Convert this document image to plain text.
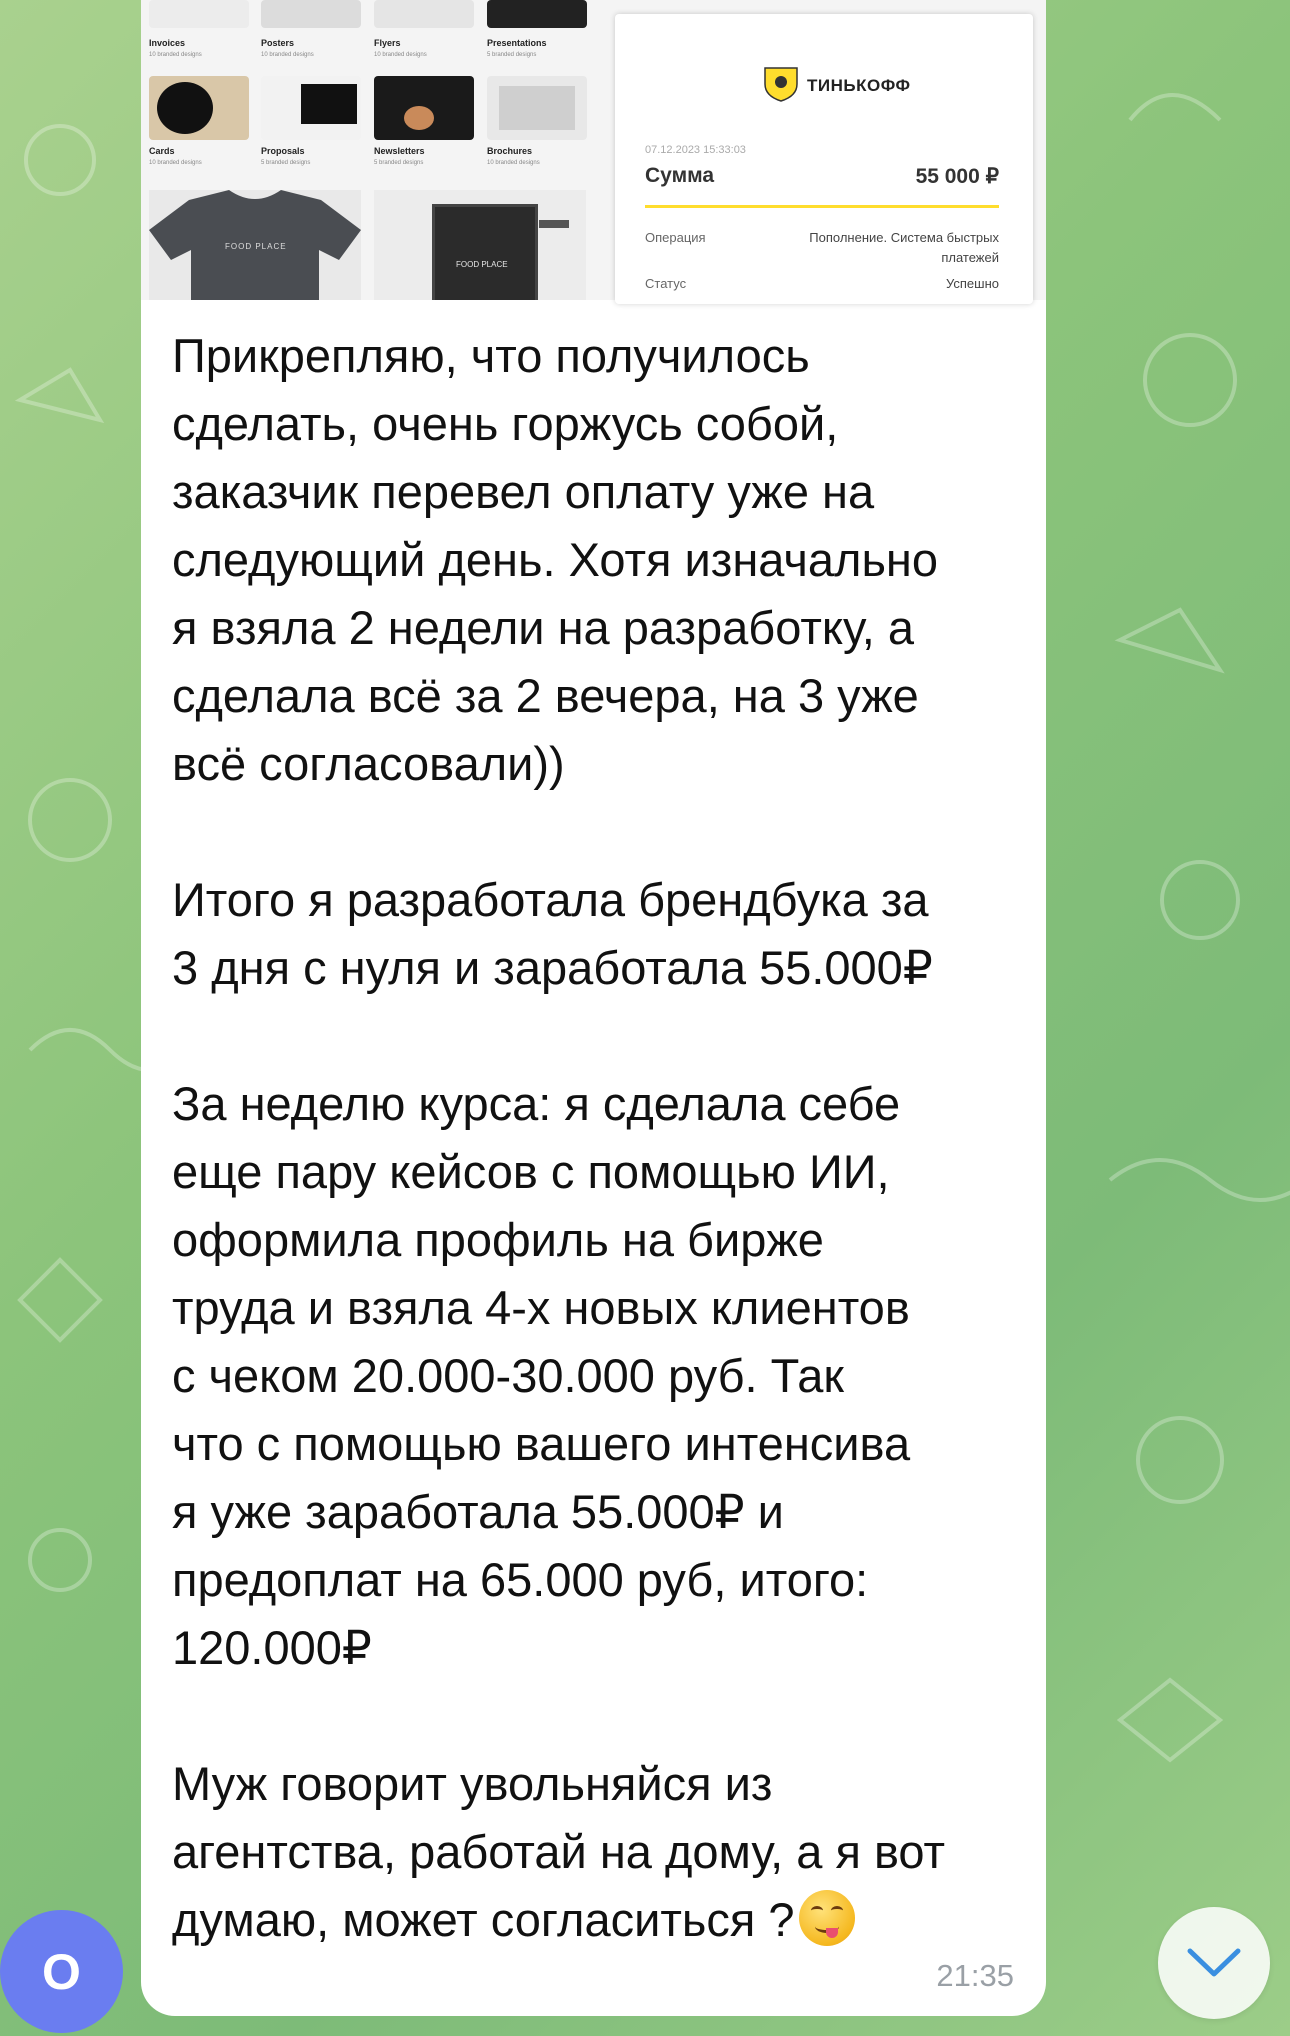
Invoices
10 branded designs
Posters
10 branded designs
Flyers
10 branded designs
Presentations
5 branded designs
Cards
10 branded designs
Proposals
5 branded designs
Newsletters
5 branded designs
Brochures
10 branded designs
FOOD PLACE
FOOD PLACE
ТИНЬКОФФ
07.12.2023 15:33:03
Сумма	55 000 ₽
Операция	Пополнение. Система быстрых платежей
Статус	Успешно
Прикрепляю, что получилось
сделать, очень горжусь собой,
заказчик перевел оплату уже на
следующий день. Хотя изначально
я взяла 2 недели на разработку, а
сделала всё за 2 вечера, на 3 уже
всё согласовали))

Итого я разработала брендбука за
3 дня с нуля и заработала 55.000₽

За неделю курса: я сделала себе
еще пару кейсов с помощью ИИ,
оформила профиль на бирже
труда и взяла 4-х новых клиентов
с чеком 20.000-30.000 руб. Так
что с помощью вашего интенсива
я уже заработала 55.000₽ и
предоплат на 65.000 руб, итого:
120.000₽

Муж говорит увольняйся из
агентства, работай на дому, а я вот
думаю, может согласиться ?
21:35
О
